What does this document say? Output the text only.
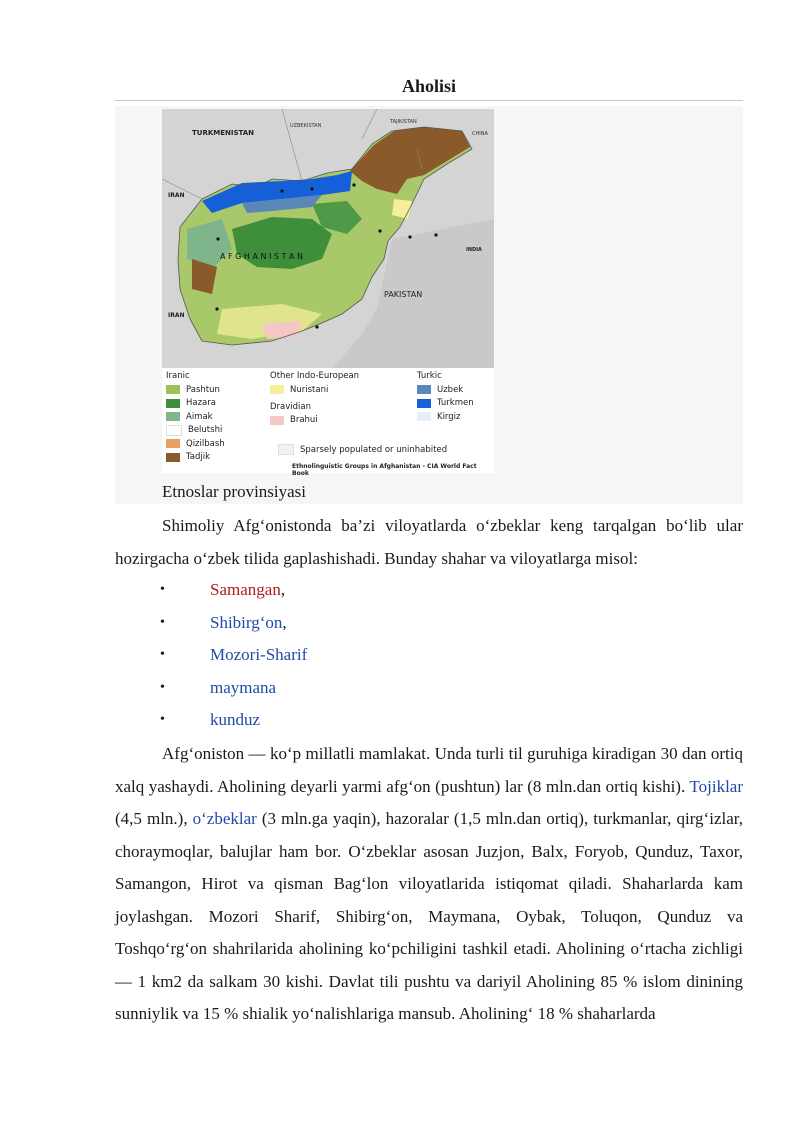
Aholisi
TURKMENISTAN
UZBEKISTAN
TAJIKISTAN
CHINA
IRAN
IRAN
A F G H A N I S T A N
PAKISTAN
INDIA
Iranic
Pashtun
Hazara
Aimak
Belutshi
Qizilbash
Tadjik
Other Indo-European
Nuristani
Dravidian
Brahui
Turkic
Uzbek
Turkmen
Kirgiz
Sparsely populated or uninhabited
Ethnolinguistic Groups in Afghanistan - CIA World Fact Book
Etnoslar provinsiyasi

Shimoliy Afg‘onistonda ba’zi viloyatlarda o‘zbeklar keng tarqalgan bo‘lib ular hozirgacha o‘zbek tilida gaplashishadi. Bunday shahar va viloyatlarga misol:

•	Samangan,
•	Shibirg‘on,
•	Mozori-Sharif
•	maymana
•	kunduz

Afg‘oniston — ko‘p millatli mamlakat. Unda turli til guruhiga kiradigan 30 dan ortiq xalq yashaydi. Aholining deyarli yarmi afg‘on (pushtun) lar (8 mln.dan ortiq kishi). Tojiklar (4,5 mln.), o‘zbeklar (3 mln.ga yaqin), hazoralar (1,5 mln.dan ortiq), turkmanlar, qirg‘izlar, choraymoqlar, balujlar ham bor. O‘zbeklar asosan Juzjon, Balx, Foryob, Qunduz, Taxor, Samangon, Hirot va qisman Bag‘lon viloyatlarida istiqomat qiladi. Shaharlarda kam joylashgan. Mozori Sharif, Shibirg‘on, Maymana, Oybak, Toluqon, Qunduz va Toshqo‘rg‘on shahrilarida aholining ko‘pchiligini tashkil etadi. Aholining o‘rtacha zichligi — 1 km2 da salkam 30 kishi. Davlat tili pushtu va dariyil Aholining 85 % islom dinining sunniylik va 15 % shialik yo‘nalishlariga mansub. Aholining‘ 18 % shaharlarda
